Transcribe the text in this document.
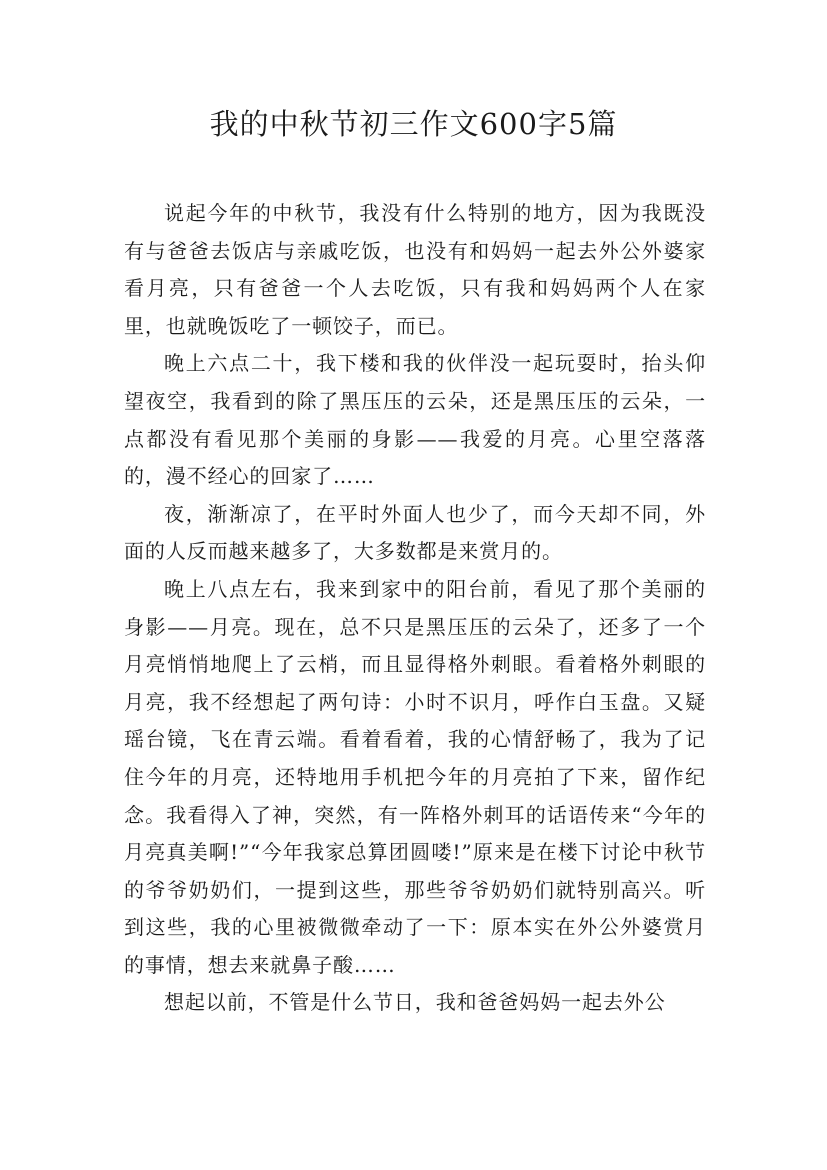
我的中秋节初三作文600字5篇

说起今年的中秋节，我没有什么特别的地方，因为我既没有与爸爸去饭店与亲戚吃饭，也没有和妈妈一起去外公外婆家看月亮，只有爸爸一个人去吃饭，只有我和妈妈两个人在家里，也就晚饭吃了一顿饺子，而已。

晚上六点二十，我下楼和我的伙伴没一起玩耍时，抬头仰望夜空，我看到的除了黑压压的云朵，还是黑压压的云朵，一点都没有看见那个美丽的身影——我爱的月亮。心里空落落的，漫不经心的回家了……

夜，渐渐凉了，在平时外面人也少了，而今天却不同，外面的人反而越来越多了，大多数都是来赏月的。

晚上八点左右，我来到家中的阳台前，看见了那个美丽的身影——月亮。现在，总不只是黑压压的云朵了，还多了一个月亮悄悄地爬上了云梢，而且显得格外刺眼。看着格外刺眼的月亮，我不经想起了两句诗：小时不识月，呼作白玉盘。又疑瑶台镜，飞在青云端。看着看着，我的心情舒畅了，我为了记住今年的月亮，还特地用手机把今年的月亮拍了下来，留作纪念。我看得入了神，突然，有一阵格外刺耳的话语传来“今年的月亮真美啊!”“今年我家总算团圆喽!”原来是在楼下讨论中秋节的爷爷奶奶们，一提到这些，那些爷爷奶奶们就特别高兴。听到这些，我的心里被微微牵动了一下：原本实在外公外婆赏月的事情，想去来就鼻子酸……

想起以前，不管是什么节日，我和爸爸妈妈一起去外公
